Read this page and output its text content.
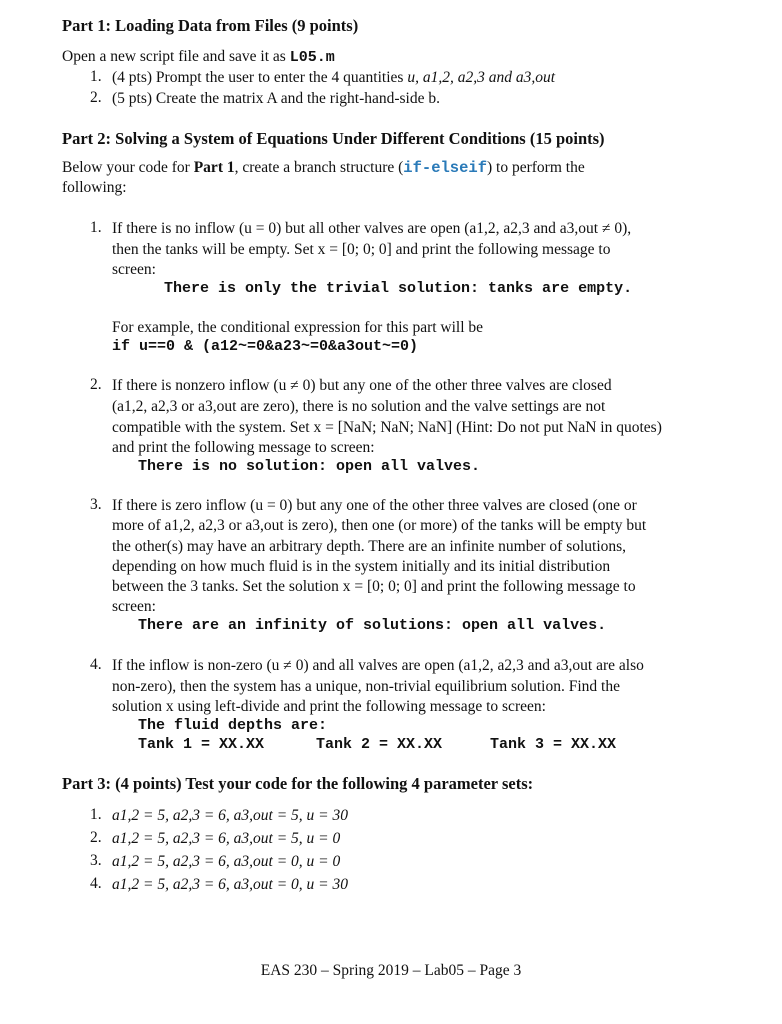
Part 1: Loading Data from Files (9 points)
Open a new script file and save it as L05.m
1. (4 pts) Prompt the user to enter the 4 quantities u, a1,2, a2,3 and a3,out
2. (5 pts) Create the matrix A and the right-hand-side b.
Part 2: Solving a System of Equations Under Different Conditions (15 points)
Below your code for Part 1, create a branch structure (if-elseif) to perform the
following:
1. If there is no inflow (u = 0) but all other valves are open (a1,2, a2,3 and a3,out ≠ 0),
then the tanks will be empty. Set x = [0; 0; 0] and print the following message to
screen:
There is only the trivial solution: tanks are empty.
For example, the conditional expression for this part will be
if u==0 & (a12~=0&a23~=0&a3out~=0)
2. If there is nonzero inflow (u ≠ 0) but any one of the other three valves are closed
(a1,2, a2,3 or a3,out are zero), there is no solution and the valve settings are not
compatible with the system. Set x = [NaN; NaN; NaN] (Hint: Do not put NaN in quotes)
and print the following message to screen:
There is no solution: open all valves.
3. If there is zero inflow (u = 0) but any one of the other three valves are closed (one or
more of a1,2, a2,3 or a3,out is zero), then one (or more) of the tanks will be empty but
the other(s) may have an arbitrary depth. There are an infinite number of solutions,
depending on how much fluid is in the system initially and its initial distribution
between the 3 tanks. Set the solution x = [0; 0; 0] and print the following message to
screen:
There are an infinity of solutions: open all valves.
4. If the inflow is non-zero (u ≠ 0) and all valves are open (a1,2, a2,3 and a3,out are also
non-zero), then the system has a unique, non-trivial equilibrium solution. Find the
solution x using left-divide and print the following message to screen:
The fluid depths are:
Tank 1 = XX.XX	Tank 2 = XX.XX	Tank 3 = XX.XX
Part 3: (4 points) Test your code for the following 4 parameter sets:
1. a1,2 = 5, a2,3 = 6, a3,out = 5, u = 30
2. a1,2 = 5, a2,3 = 6, a3,out = 5, u = 0
3. a1,2 = 5, a2,3 = 6, a3,out = 0, u = 0
4. a1,2 = 5, a2,3 = 6, a3,out = 0, u = 30
EAS 230 – Spring 2019 – Lab05 – Page 3
